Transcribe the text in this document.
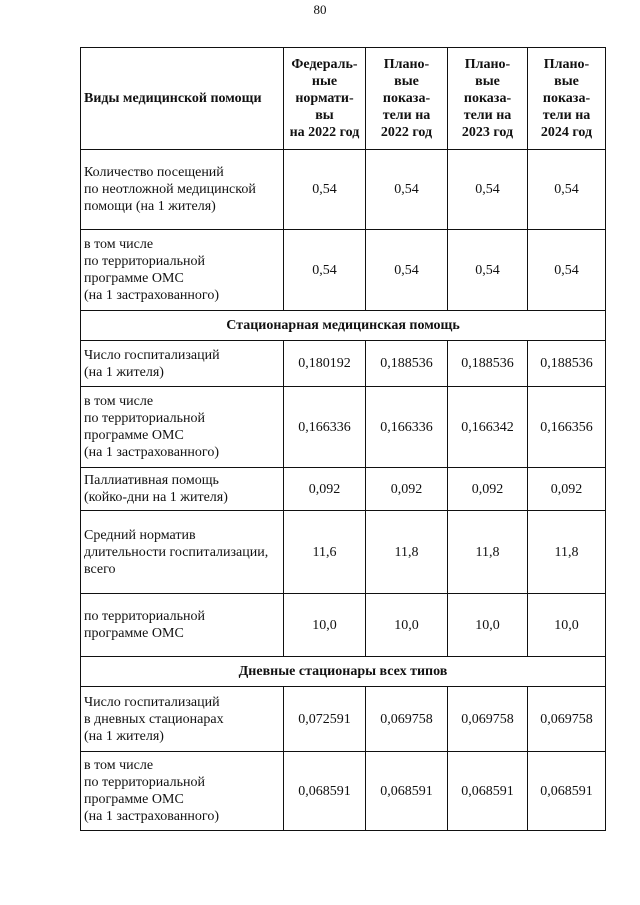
80
Виды медицинской помощи	Федераль-
ные
нормати-
вы
на 2022 год	Плано-
вые
показа-
тели на
2022 год	Плано-
вые
показа-
тели на
2023 год	Плано-
вые
показа-
тели на
2024 год
Количество посещений
по неотложной медицинской
помощи (на 1 жителя)	0,54	0,54	0,54	0,54
в том числе
по территориальной
программе ОМС
(на 1 застрахованного)	0,54	0,54	0,54	0,54
Стационарная медицинская помощь				
Число госпитализаций
(на 1 жителя)	0,180192	0,188536	0,188536	0,188536
в том числе
по территориальной
программе ОМС
(на 1 застрахованного)	0,166336	0,166336	0,166342	0,166356
Паллиативная помощь
(койко-дни на 1 жителя)	0,092	0,092	0,092	0,092
Средний норматив
длительности госпитализации,
всего	11,6	11,8	11,8	11,8
по территориальной
программе ОМС	10,0	10,0	10,0	10,0
Дневные стационары всех типов				
Число госпитализаций
в дневных стационарах
(на 1 жителя)	0,072591	0,069758	0,069758	0,069758
в том числе
по территориальной
программе ОМС
(на 1 застрахованного)	0,068591	0,068591	0,068591	0,068591
